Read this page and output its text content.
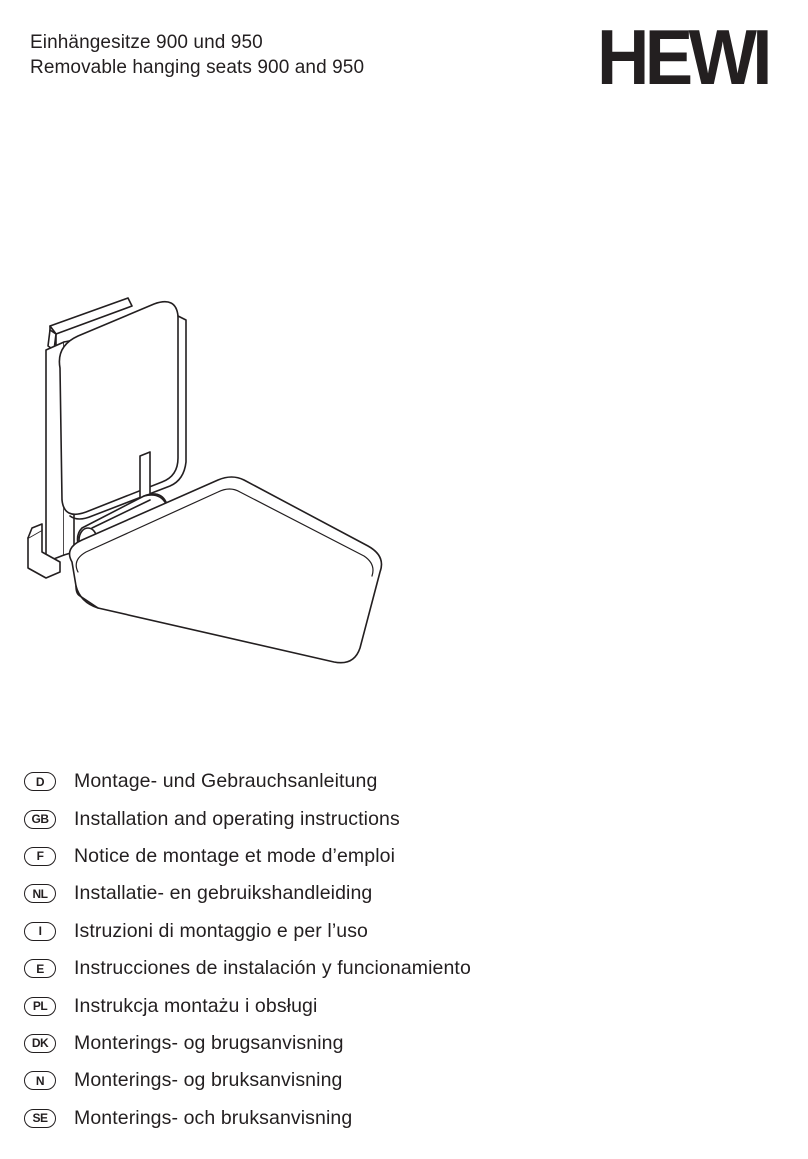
Einhängesitze 900 und 950
Removable hanging seats 900 and 950	HEWI
D	Montage- und Gebrauchsanleitung
GB	Installation and operating instructions
F	Notice de montage et mode d’emploi
NL	Installatie- en gebruikshandleiding
I	Istruzioni di montaggio e per l’uso
E	Instrucciones de instalación y funcionamiento
PL	Instrukcja montażu i obsługi
DK	Monterings- og brugsanvisning
N	Monterings- og bruksanvisning
SE	Monterings- och bruksanvisning
